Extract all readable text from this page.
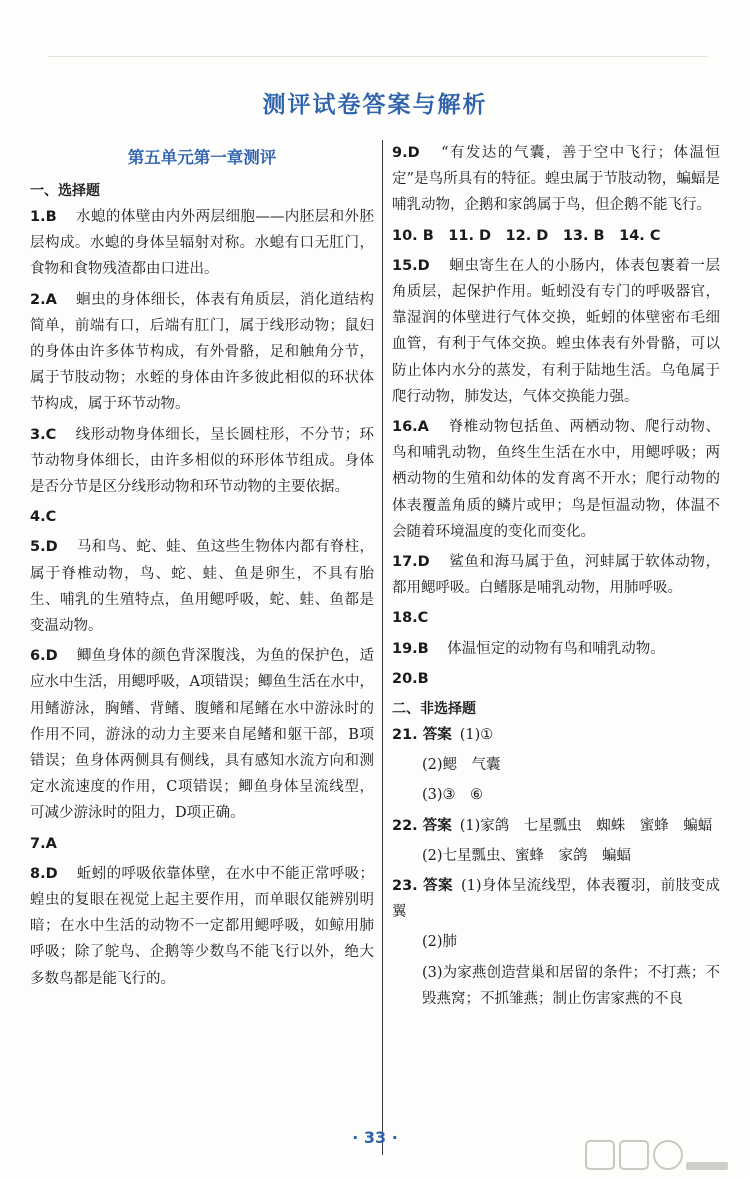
测评试卷答案与解析
第五单元第一章测评
一、选择题
1.B　水螅的体壁由内外两层细胞——内胚层和外胚层构成。水螅的身体呈辐射对称。水螅有口无肛门，食物和食物残渣都由口进出。
2.A　蛔虫的身体细长，体表有角质层，消化道结构简单，前端有口，后端有肛门，属于线形动物；鼠妇的身体由许多体节构成，有外骨骼，足和触角分节，属于节肢动物；水蛭的身体由许多彼此相似的环状体节构成，属于环节动物。
3.C　线形动物身体细长，呈长圆柱形，不分节；环节动物身体细长，由许多相似的环形体节组成。身体是否分节是区分线形动物和环节动物的主要依据。
4.C
5.D　马和鸟、蛇、蛙、鱼这些生物体内都有脊柱，属于脊椎动物，鸟、蛇、蛙、鱼是卵生，不具有胎生、哺乳的生殖特点，鱼用鳃呼吸，蛇、蛙、鱼都是变温动物。
6.D　鲫鱼身体的颜色背深腹浅，为鱼的保护色，适应水中生活，用鳃呼吸，A项错误；鲫鱼生活在水中，用鳍游泳，胸鳍、背鳍、腹鳍和尾鳍在水中游泳时的作用不同，游泳的动力主要来自尾鳍和躯干部，B项错误；鱼身体两侧具有侧线，具有感知水流方向和测定水流速度的作用，C项错误；鲫鱼身体呈流线型，可减少游泳时的阻力，D项正确。
7.A
8.D　蚯蚓的呼吸依靠体壁，在水中不能正常呼吸；蝗虫的复眼在视觉上起主要作用，而单眼仅能辨别明暗；在水中生活的动物不一定都用鳃呼吸，如鲸用肺呼吸；除了鸵鸟、企鹅等少数鸟不能飞行以外，绝大多数鸟都是能飞行的。
9.D　“有发达的气囊，善于空中飞行；体温恒定”是鸟所具有的特征。蝗虫属于节肢动物，蝙蝠是哺乳动物，企鹅和家鸽属于鸟，但企鹅不能飞行。
10. B　11. D　12. D　13. B　14. C
15.D　蛔虫寄生在人的小肠内，体表包裹着一层角质层，起保护作用。蚯蚓没有专门的呼吸器官，靠湿润的体壁进行气体交换，蚯蚓的体壁密布毛细血管，有利于气体交换。蝗虫体表有外骨骼，可以防止体内水分的蒸发，有利于陆地生活。乌龟属于爬行动物，肺发达，气体交换能力强。
16.A　脊椎动物包括鱼、两栖动物、爬行动物、鸟和哺乳动物，鱼终生生活在水中，用鳃呼吸；两栖动物的生殖和幼体的发育离不开水；爬行动物的体表覆盖角质的鳞片或甲；鸟是恒温动物，体温不会随着环境温度的变化而变化。
17.D　鲨鱼和海马属于鱼，河蚌属于软体动物，都用鳃呼吸。白鳍豚是哺乳动物，用肺呼吸。
18.C
19.B　体温恒定的动物有鸟和哺乳动物。
20.B
二、非选择题
21. 答案 (1)①
(2)鳃　气囊
(3)③　⑥
22. 答案 (1)家鸽　七星瓢虫　蜘蛛　蜜蜂　蝙蝠
(2)七星瓢虫、蜜蜂　家鸽　蝙蝠
23. 答案 (1)身体呈流线型，体表覆羽，前肢变成翼
(2)肺
(3)为家燕创造营巢和居留的条件；不打燕；不毁燕窝；不抓雏燕；制止伤害家燕的不良
· 33 ·
